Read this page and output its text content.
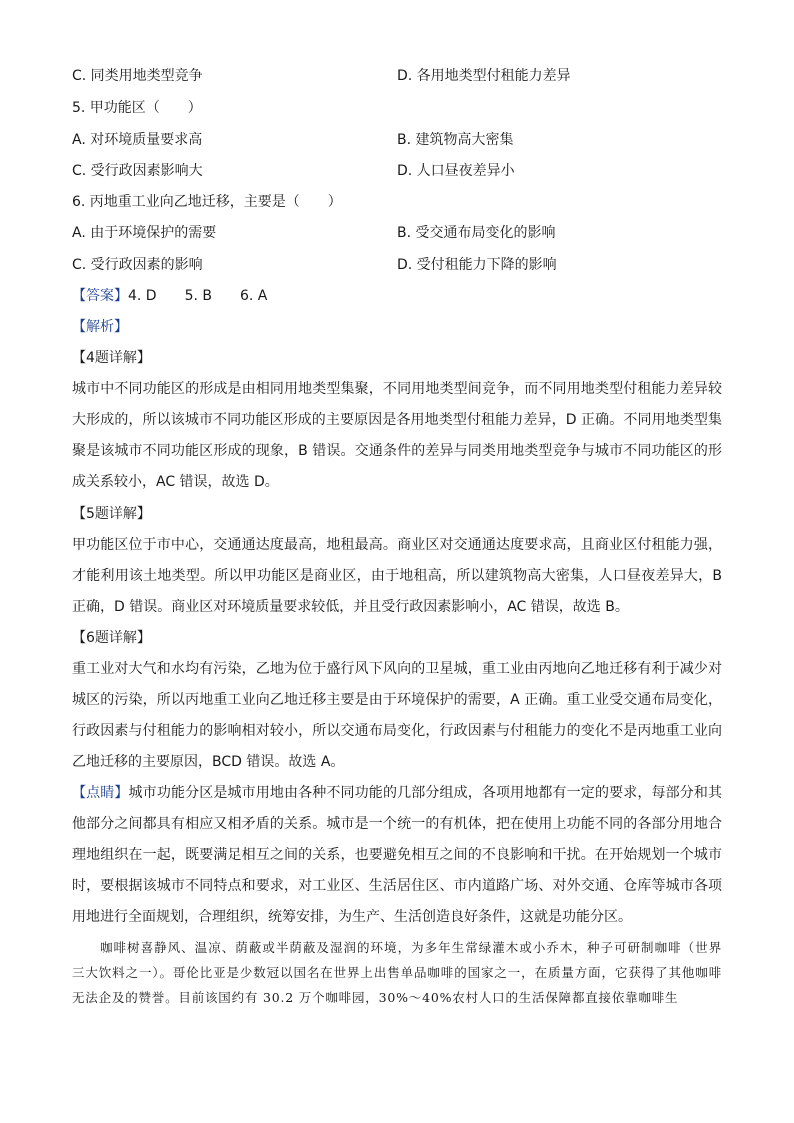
C. 同类用地类型竞争	D. 各用地类型付租能力差异
5. 甲功能区（　　）
A. 对环境质量要求高	B. 建筑物高大密集
C. 受行政因素影响大	D. 人口昼夜差异小
6. 丙地重工业向乙地迁移，主要是（　　）
A. 由于环境保护的需要	B. 受交通布局变化的影响
C. 受行政因素的影响	D. 受付租能力下降的影响
【答案】4. D　　5. B　　6. A
【解析】
【4题详解】
城市中不同功能区的形成是由相同用地类型集聚，不同用地类型间竞争，而不同用地类型付租能力差异较大形成的，所以该城市不同功能区形成的主要原因是各用地类型付租能力差异，D 正确。不同用地类型集聚是该城市不同功能区形成的现象，B 错误。交通条件的差异与同类用地类型竞争与城市不同功能区的形成关系较小，AC 错误，故选 D。
【5题详解】
甲功能区位于市中心，交通通达度最高，地租最高。商业区对交通通达度要求高，且商业区付租能力强，才能利用该土地类型。所以甲功能区是商业区，由于地租高，所以建筑物高大密集，人口昼夜差异大，B 正确，D 错误。商业区对环境质量要求较低，并且受行政因素影响小，AC 错误，故选 B。
【6题详解】
重工业对大气和水均有污染，乙地为位于盛行风下风向的卫星城，重工业由丙地向乙地迁移有利于减少对城区的污染，所以丙地重工业向乙地迁移主要是由于环境保护的需要，A 正确。重工业受交通布局变化，行政因素与付租能力的影响相对较小，所以交通布局变化，行政因素与付租能力的变化不是丙地重工业向乙地迁移的主要原因，BCD 错误。故选 A。
【点睛】城市功能分区是城市用地由各种不同功能的几部分组成，各项用地都有一定的要求，每部分和其他部分之间都具有相应又相矛盾的关系。城市是一个统一的有机体，把在使用上功能不同的各部分用地合理地组织在一起，既要满足相互之间的关系，也要避免相互之间的不良影响和干扰。在开始规划一个城市时，要根据该城市不同特点和要求，对工业区、生活居住区、市内道路广场、对外交通、仓库等城市各项用地进行全面规划，合理组织，统筹安排，为生产、生活创造良好条件，这就是功能分区。
咖啡树喜静风、温凉、荫蔽或半荫蔽及湿润的环境，为多年生常绿灌木或小乔木，种子可研制咖啡（世界三大饮料之一）。哥伦比亚是少数冠以国名在世界上出售单品咖啡的国家之一，在质量方面，它获得了其他咖啡无法企及的赞誉。目前该国约有 30.2 万个咖啡园，30%～40%农村人口的生活保障都直接依靠咖啡生
